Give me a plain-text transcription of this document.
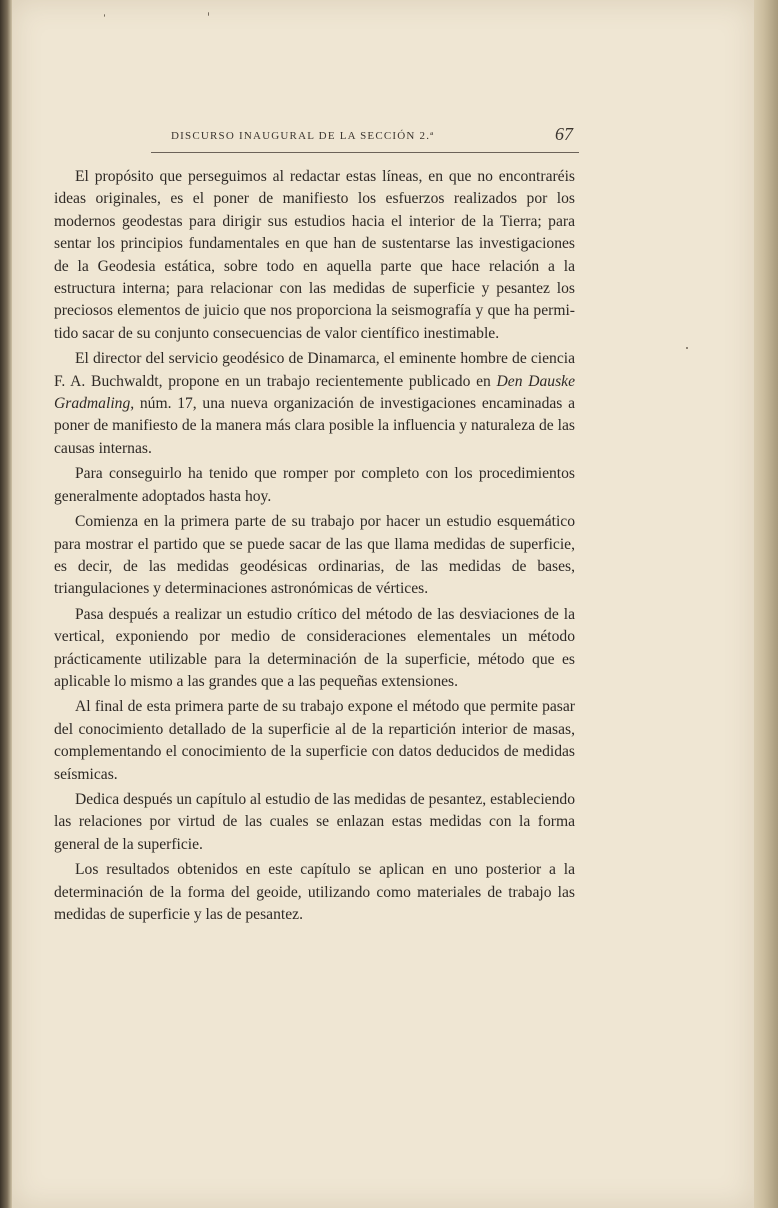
DISCURSO INAUGURAL DE LA SECCIÓN 2.ª	67

El propósito que perseguimos al redactar estas líneas, en que no encontraréis ideas originales, es el poner de manifiesto los esfuerzos realizados por los modernos geodestas para dirigir sus estudios hacia el interior de la Tierra; para sentar los principios fundamentales en que han de sustentarse las investigaciones de la Geodesia estática, sobre todo en aquella parte que hace relación a la estructura interna; para relacionar con las medidas de superficie y pesantez los preciosos elementos de juicio que nos proporciona la seismografía y que ha permitido sacar de su conjunto consecuencias de valor científico inestimable.

El director del servicio geodésico de Dinamarca, el eminente hombre de ciencia F. A. Buchwaldt, propone en un trabajo recientemente publicado en Den Dauske Gradmaling, núm. 17, una nueva organización de investigaciones encaminadas a poner de manifiesto de la manera más clara posible la influencia y naturaleza de las causas internas.

Para conseguirlo ha tenido que romper por completo con los procedimientos generalmente adoptados hasta hoy.

Comienza en la primera parte de su trabajo por hacer un estudio esquemático para mostrar el partido que se puede sacar de las que llama medidas de superficie, es decir, de las medidas geodésicas ordinarias, de las medidas de bases, triangulaciones y determinaciones astronómicas de vértices.

Pasa después a realizar un estudio crítico del método de las desviaciones de la vertical, exponiendo por medio de consideraciones elementales un método prácticamente utilizable para la determinación de la superficie, método que es aplicable lo mismo a las grandes que a las pequeñas extensiones.

Al final de esta primera parte de su trabajo expone el método que permite pasar del conocimiento detallado de la superficie al de la repartición interior de masas, complementando el conocimiento de la superficie con datos deducidos de medidas seísmicas.

Dedica después un capítulo al estudio de las medidas de pesantez, estableciendo las relaciones por virtud de las cuales se enlazan estas medidas con la forma general de la superficie.

Los resultados obtenidos en este capítulo se aplican en uno posterior a la determinación de la forma del geoide, utilizando como materiales de trabajo las medidas de superficie y las de pesantez.
